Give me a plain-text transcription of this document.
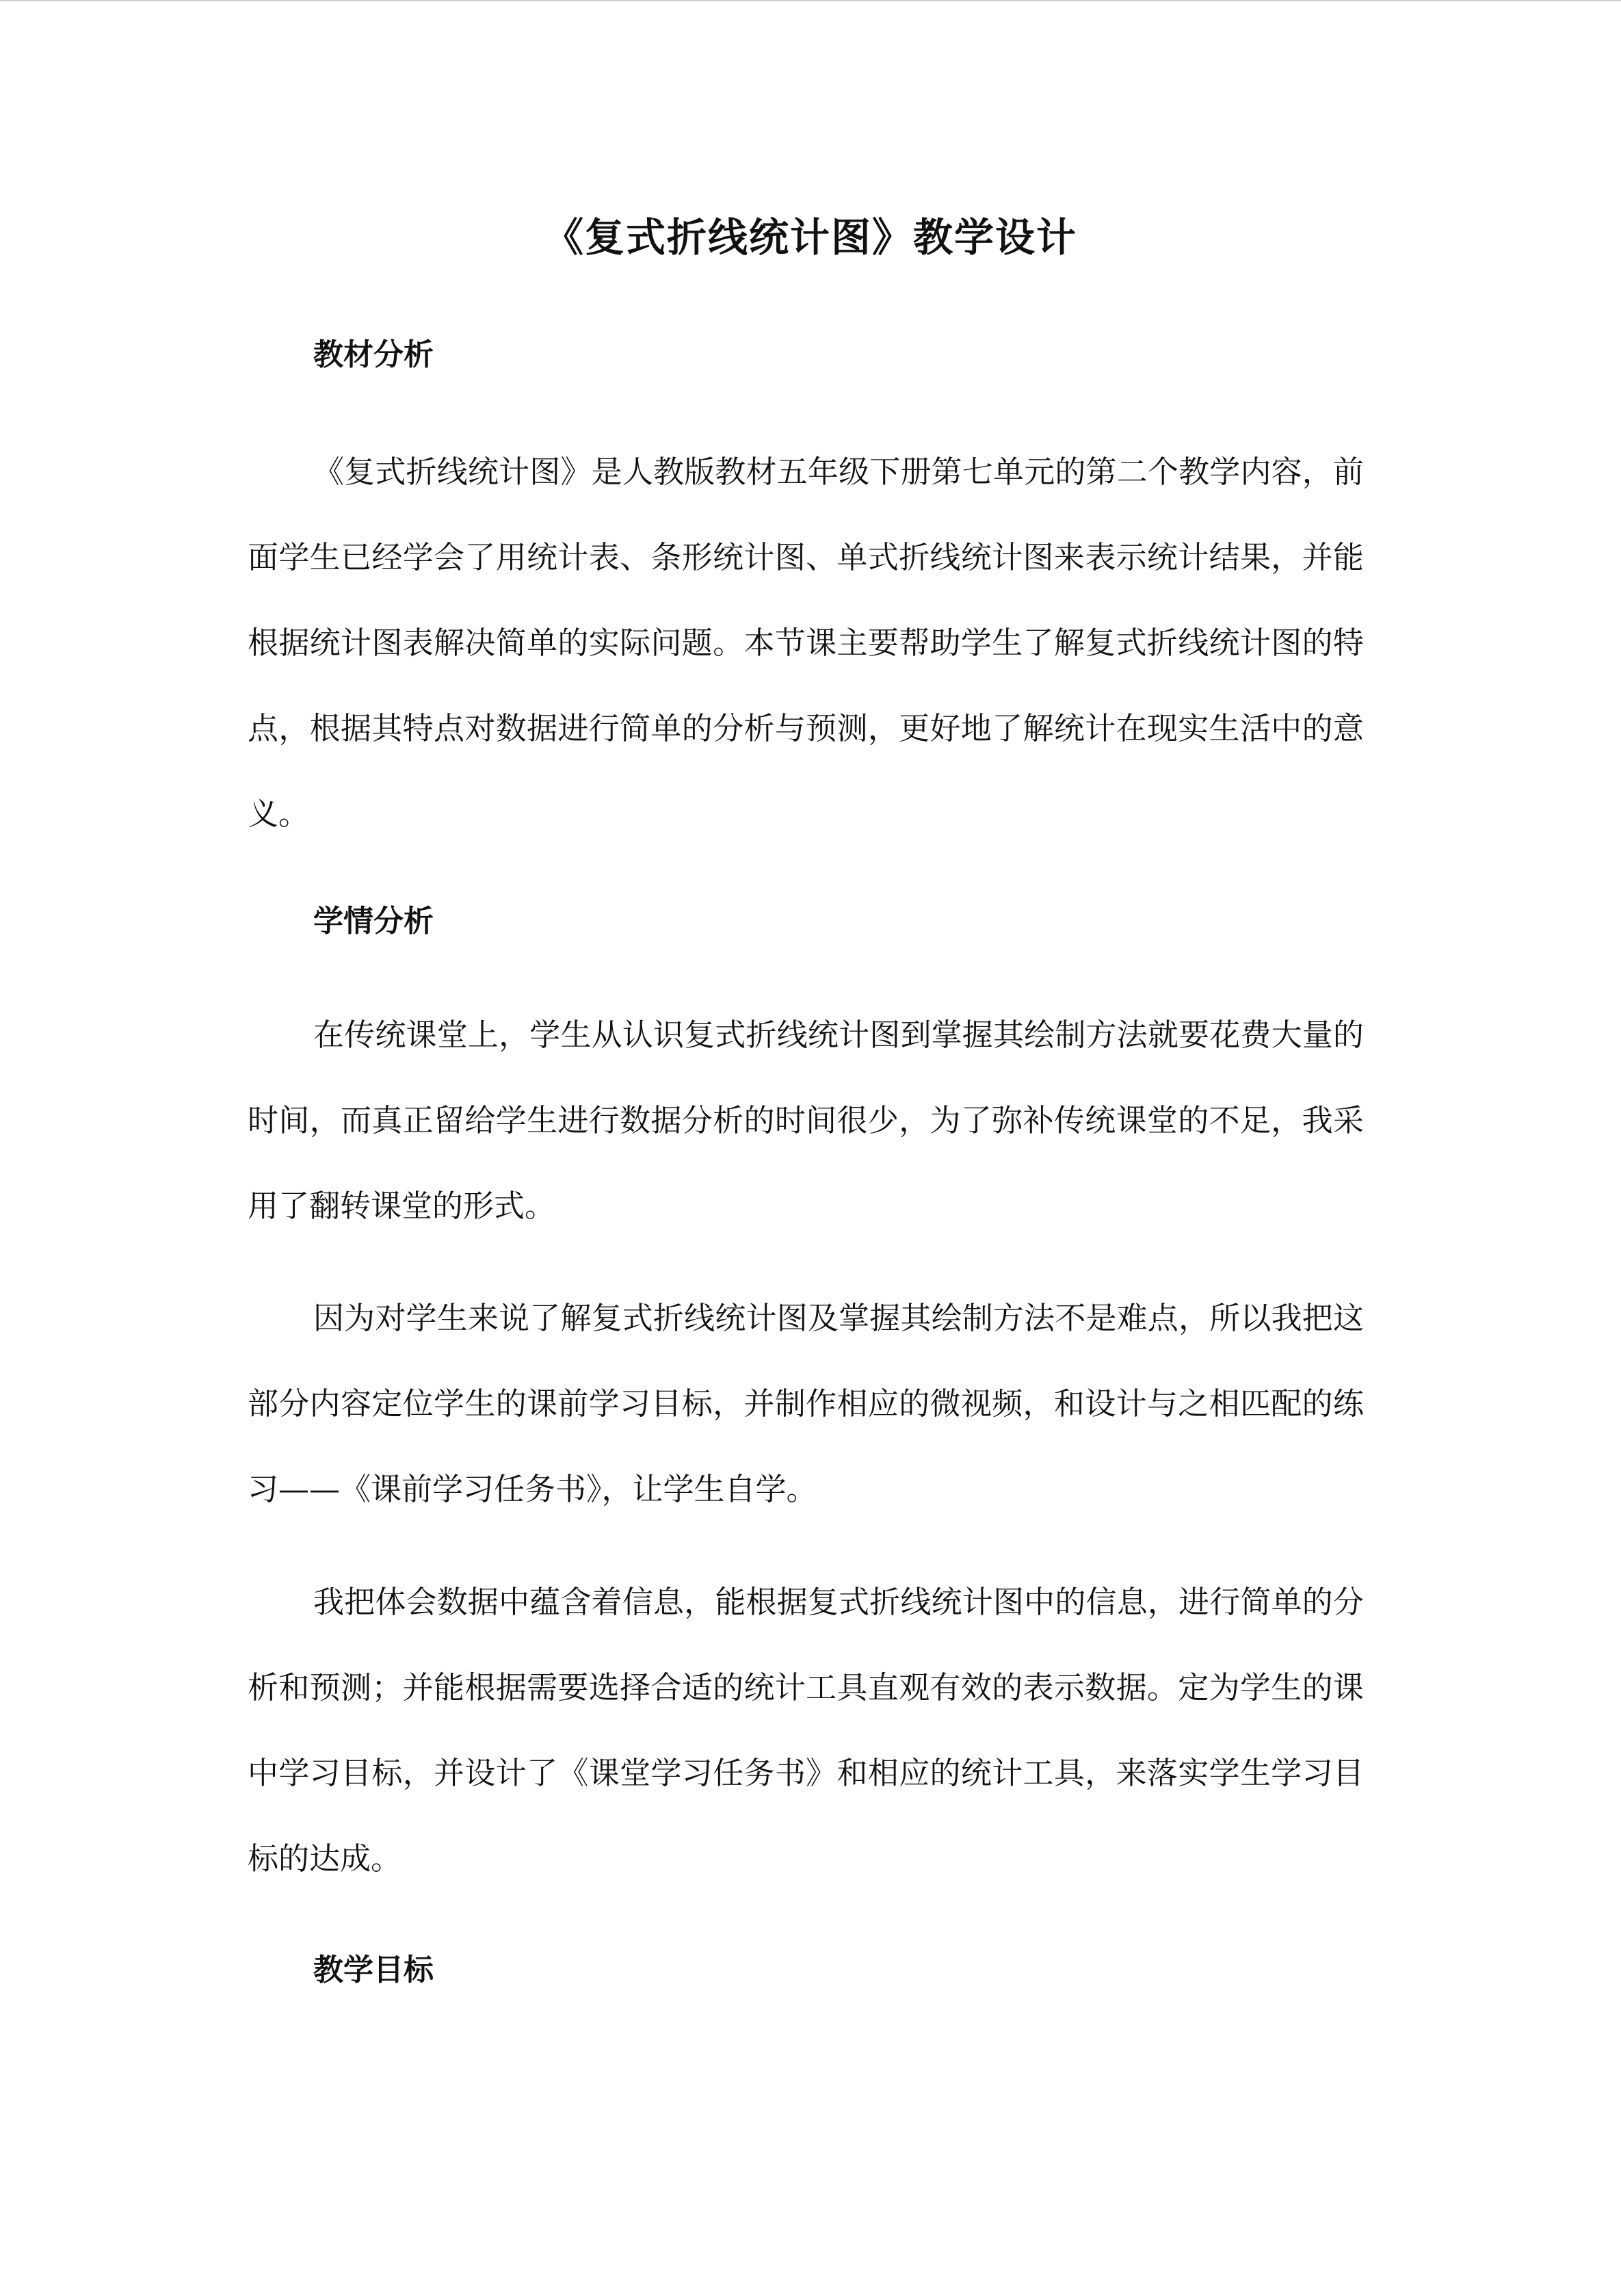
《复式折线统计图》教学设计
教材分析

《复式折线统计图》是人教版教材五年级下册第七单元的第二个教学内容，前面学生已经学会了用统计表、条形统计图、单式折线统计图来表示统计结果，并能根据统计图表解决简单的实际问题。本节课主要帮助学生了解复式折线统计图的特点，根据其特点对数据进行简单的分析与预测，更好地了解统计在现实生活中的意义。

学情分析

在传统课堂上，学生从认识复式折线统计图到掌握其绘制方法就要花费大量的时间，而真正留给学生进行数据分析的时间很少，为了弥补传统课堂的不足，我采用了翻转课堂的形式。

因为对学生来说了解复式折线统计图及掌握其绘制方法不是难点，所以我把这部分内容定位学生的课前学习目标，并制作相应的微视频，和设计与之相匹配的练习——《课前学习任务书》，让学生自学。

我把体会数据中蕴含着信息，能根据复式折线统计图中的信息，进行简单的分析和预测；并能根据需要选择合适的统计工具直观有效的表示数据。定为学生的课中学习目标，并设计了《课堂学习任务书》和相应的统计工具，来落实学生学习目标的达成。

教学目标
